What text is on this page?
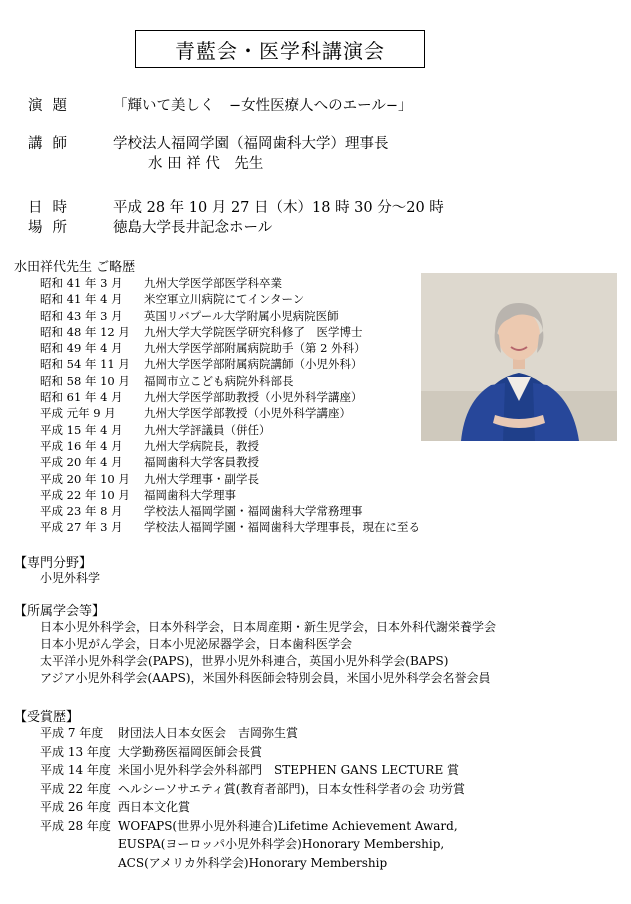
青藍会・医学科講演会
演題 「輝いて美しく　−女性医療人へのエール−」
講師 学校法人福岡学園（福岡歯科大学）理事長
水 田 祥 代　先生
日時 平成 28 年 10 月 27 日（木）18 時 30 分〜20 時
場所 徳島大学長井記念ホール
水田祥代先生 ご略歴
昭和 41 年 3 月 九州大学医学部医学科卒業
昭和 41 年 4 月 米空軍立川病院にてインターン
昭和 43 年 3 月 英国リバプール大学附属小児病院医師
昭和 48 年 12 月 九州大学大学院医学研究科修了　医学博士
昭和 49 年 4 月 九州大学医学部附属病院助手（第 2 外科）
昭和 54 年 11 月 九州大学医学部附属病院講師（小児外科）
昭和 58 年 10 月 福岡市立こども病院外科部長
昭和 61 年 4 月 九州大学医学部助教授（小児外科学講座）
平成 元年 9 月 九州大学医学部教授（小児外科学講座）
平成 15 年 4 月 九州大学評議員（併任）
平成 16 年 4 月 九州大学病院長，教授
平成 20 年 4 月 福岡歯科大学客員教授
平成 20 年 10 月 九州大学理事・副学長
平成 22 年 10 月 福岡歯科大学理事
平成 23 年 8 月 学校法人福岡学園・福岡歯科大学常務理事
平成 27 年 3 月 学校法人福岡学園・福岡歯科大学理事長，現在に至る
【専門分野】
小児外科学
【所属学会等】
日本小児外科学会，日本外科学会，日本周産期・新生児学会，日本外科代謝栄養学会
日本小児がん学会，日本小児泌尿器学会，日本歯科医学会
太平洋小児外科学会(PAPS)，世界小児外科連合，英国小児外科学会(BAPS)
アジア小児外科学会(AAPS)，米国外科医師会特別会員，米国小児外科学会名誉会員
【受賞歴】
平成 7 年度 財団法人日本女医会　吉岡弥生賞
平成 13 年度 大学勤務医福岡医師会長賞
平成 14 年度 米国小児外科学会外科部門　STEPHEN GANS LECTURE 賞
平成 22 年度 ヘルシーソサエティ賞(教育者部門)，日本女性科学者の会 功労賞
平成 26 年度 西日本文化賞
平成 28 年度 WOFAPS(世界小児外科連合)Lifetime Achievement Award,
EUSPA(ヨーロッパ小児外科学会)Honorary Membership,
ACS(アメリカ外科学会)Honorary Membership
